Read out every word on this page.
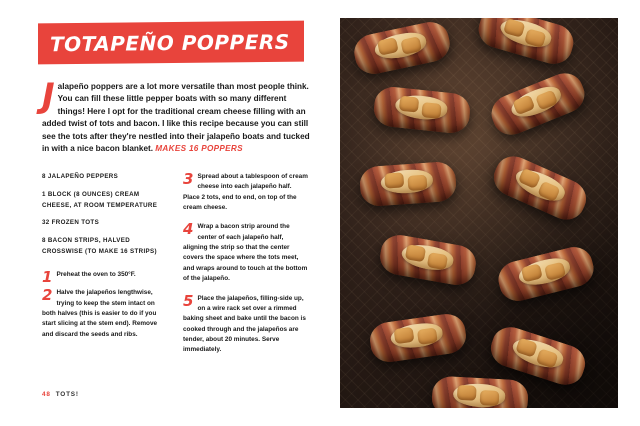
TOTAPEÑO POPPERS
Jalapeño poppers are a lot more versatile than most people think. You can fill these little pepper boats with so many different things! Here I opt for the traditional cream cheese filling with an added twist of tots and bacon. I like this recipe because you can still see the tots after they're nestled into their jalapeño boats and tucked in with a nice bacon blanket. MAKES 16 POPPERS
8 JALAPEÑO PEPPERS
1 BLOCK (8 OUNCES) CREAM CHEESE, AT ROOM TEMPERATURE
32 FROZEN TOTS
8 BACON STRIPS, HALVED CROSSWISE (TO MAKE 16 STRIPS)
1 Preheat the oven to 350°F.
2 Halve the jalapeños lengthwise, trying to keep the stem intact on both halves (this is easier to do if you start slicing at the stem end). Remove and discard the seeds and ribs.
3 Spread about a tablespoon of cream cheese into each jalapeño half. Place 2 tots, end to end, on top of the cream cheese.
4 Wrap a bacon strip around the center of each jalapeño half, aligning the strip so that the center covers the space where the tots meet, and wraps around to touch at the bottom of the jalapeño.
5 Place the jalapeños, filling-side up, on a wire rack set over a rimmed baking sheet and bake until the bacon is cooked through and the jalapeños are tender, about 20 minutes. Serve immediately.
48 TOTS!
